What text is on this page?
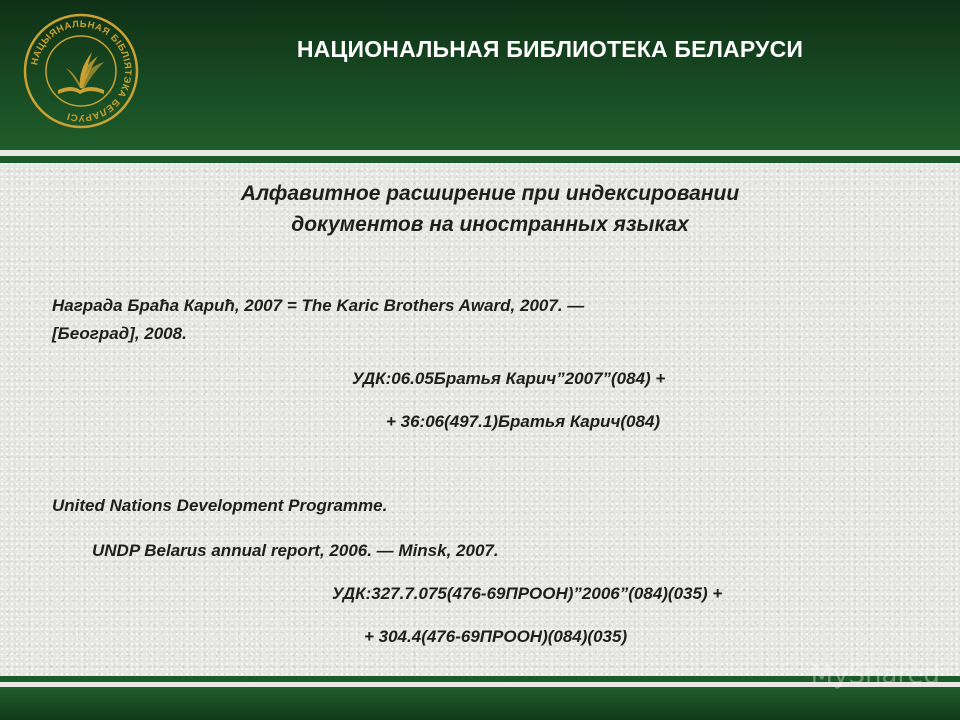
НАЦЫЯНАЛЬНАЯ БІБЛІЯТЭКА БЕЛАРУСІ
НАЦИОНАЛЬНАЯ БИБЛИОТЕКА БЕЛАРУСИ
Алфавитное расширение при индексировании
документов на иностранных языках
Награда Браħа Кариħ, 2007 = The Karic Brothers Award, 2007. —
[Београд], 2008.
УДК:06.05Братья Карич”2007”(084) +
+ 36:06(497.1)Братья Карич(084)
United Nations Development Programme.
UNDP Belarus annual report, 2006. — Minsk, 2007.
УДК:327.7.075(476-69ПРООН)”2006”(084)(035) +
+ 304.4(476-69ПРООН)(084)(035)
MyShared
